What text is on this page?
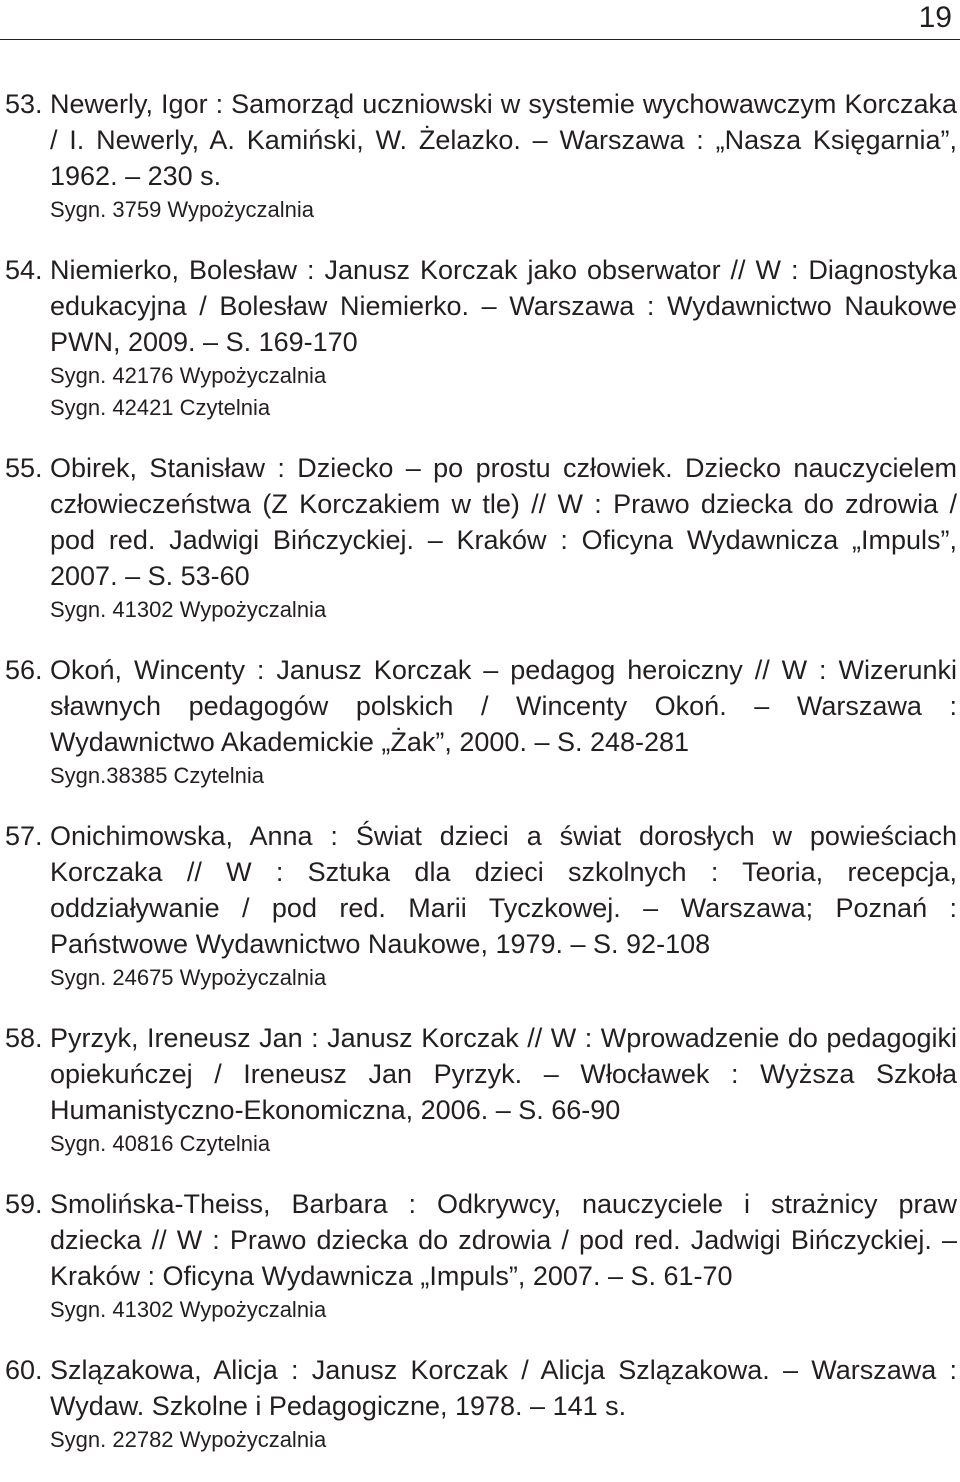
19
53. Newerly, Igor : Samorząd uczniowski w systemie wychowawczym Korczaka / I. Newerly, A. Kamiński, W. Żelazko. – Warszawa : „Nasza Księgarnia”, 1962. – 230 s.
Sygn. 3759 Wypożyczalnia
54. Niemierko, Bolesław : Janusz Korczak jako obserwator // W : Diagnostyka edukacyjna / Bolesław Niemierko. – Warszawa : Wydawnictwo Naukowe PWN, 2009. – S. 169-170
Sygn. 42176 Wypożyczalnia
Sygn. 42421 Czytelnia
55. Obirek, Stanisław : Dziecko – po prostu człowiek. Dziecko nauczycielem człowieczeństwa (Z Korczakiem w tle) // W : Prawo dziecka do zdrowia / pod red. Jadwigi Bińczyckiej. – Kraków : Oficyna Wydawnicza „Impuls”, 2007. – S. 53-60
Sygn. 41302 Wypożyczalnia
56. Okoń, Wincenty : Janusz Korczak – pedagog heroiczny // W : Wizerunki sławnych pedagogów polskich / Wincenty Okoń. – Warszawa : Wydawnictwo Akademickie „Żak”, 2000. – S. 248-281
Sygn.38385 Czytelnia
57. Onichimowska, Anna : Świat dzieci a świat dorosłych w powieściach Korczaka // W : Sztuka dla dzieci szkolnych : Teoria, recepcja, oddziaływanie / pod red. Marii Tyczkowej. – Warszawa; Poznań : Państwowe Wydawnictwo Naukowe, 1979. – S. 92-108
Sygn. 24675 Wypożyczalnia
58. Pyrzyk, Ireneusz Jan : Janusz Korczak // W : Wprowadzenie do pedagogiki opiekuńczej / Ireneusz Jan Pyrzyk. – Włocławek : Wyższa Szkoła Humanistyczno-Ekonomiczna, 2006. – S. 66-90
Sygn. 40816 Czytelnia
59. Smolińska-Theiss, Barbara : Odkrywcy, nauczyciele i strażnicy praw dziecka // W : Prawo dziecka do zdrowia / pod red. Jadwigi Bińczyckiej. – Kraków : Oficyna Wydawnicza „Impuls”, 2007. – S. 61-70
Sygn. 41302 Wypożyczalnia
60. Szlązakowa, Alicja : Janusz Korczak / Alicja Szlązakowa. – Warszawa : Wydaw. Szkolne i Pedagogiczne, 1978. – 141 s.
Sygn. 22782 Wypożyczalnia
